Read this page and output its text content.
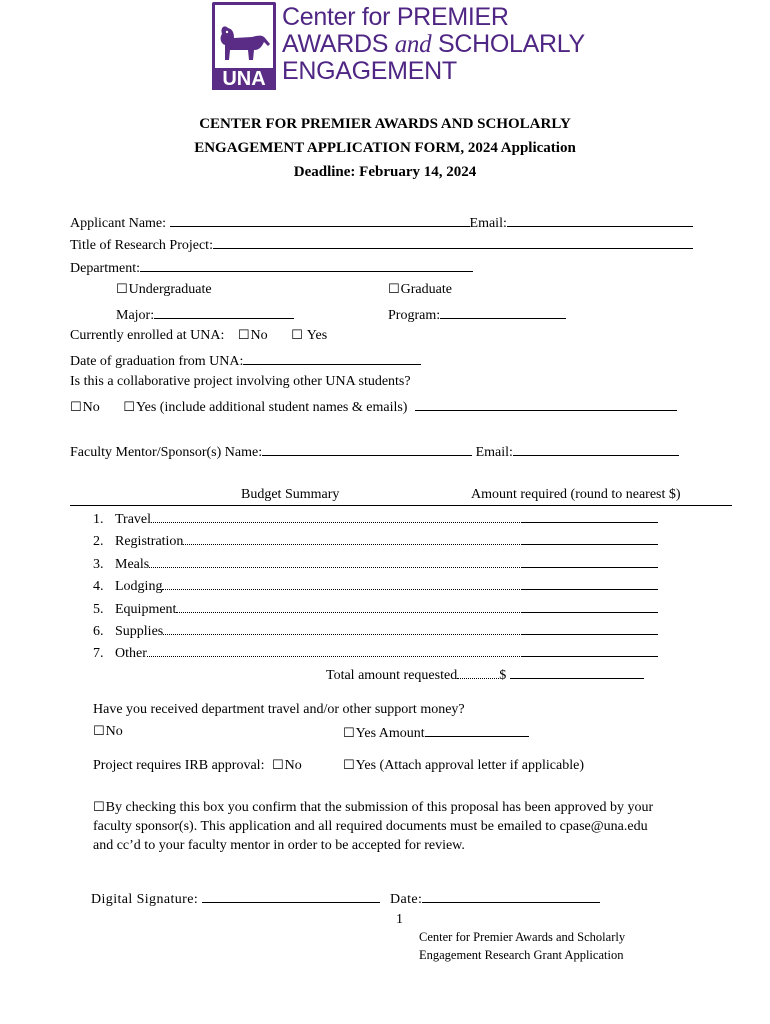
UNA
Center for PREMIER
AWARDS and SCHOLARLY
ENGAGEMENT
CENTER FOR PREMIER AWARDS AND SCHOLARLY
ENGAGEMENT APPLICATION FORM, 2024 Application
Deadline: February 14, 2024
Applicant Name:	Email:
Title of Research Project:
Department:
☐ Undergraduate	☐ Graduate
Major:	Program:
Currently enrolled at UNA: ☐ No	☐ Yes
Date of graduation from UNA:
Is this a collaborative project involving other UNA students?
☐ No	☐ Yes (include additional student names & emails)
Faculty Mentor/Sponsor(s) Name:	Email:
Budget Summary	Amount required (round to nearest $)
1. Travel
2. Registration
3. Meals
4. Lodging
5. Equipment
6. Supplies
7. Other
Total amount requested	$
Have you received department travel and/or other support money?
☐ No	☐ Yes Amount
Project requires IRB approval: ☐ No	☐ Yes (Attach approval letter if applicable)
☐ By checking this box you confirm that the submission of this proposal has been approved by your
faculty sponsor(s). This application and all required documents must be emailed to cpase@una.edu
and cc’d to your faculty mentor in order to be accepted for review.
Digital Signature:	Date:
1
Center for Premier Awards and Scholarly
Engagement Research Grant Application
